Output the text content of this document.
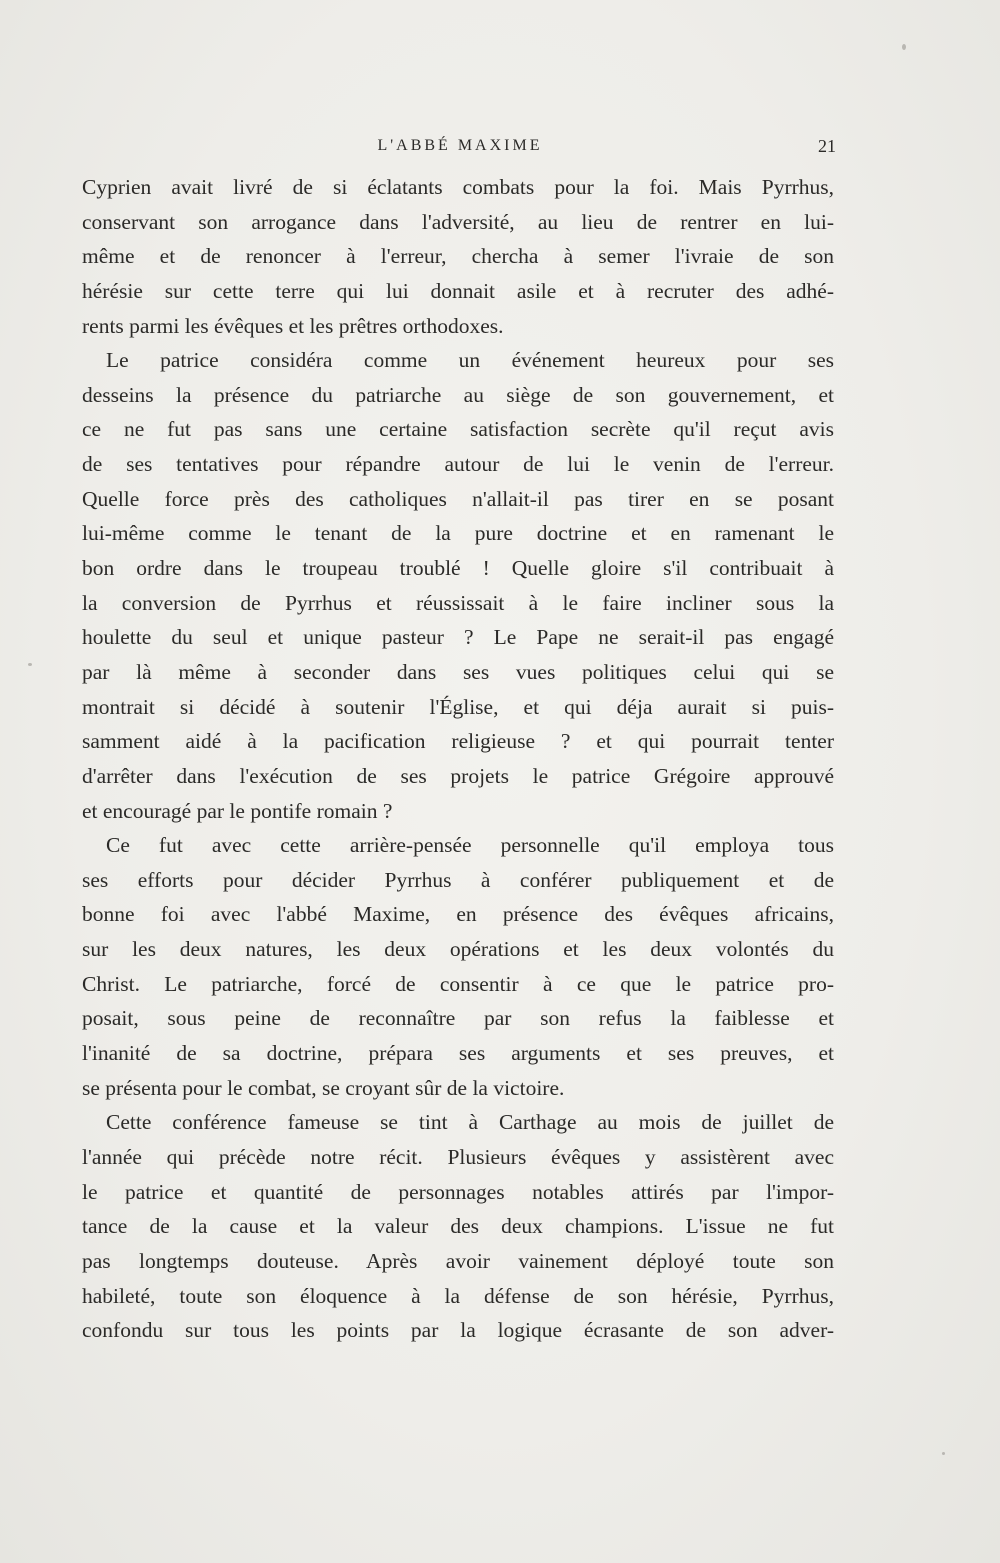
L'ABBÉ MAXIME	21
Cyprien avait livré de si éclatants combats pour la foi. Mais Pyrrhus,
conservant son arrogance dans l'adversité, au lieu de rentrer en lui-
même et de renoncer à l'erreur, chercha à semer l'ivraie de son
hérésie sur cette terre qui lui donnait asile et à recruter des adhé-
rents parmi les évêques et les prêtres orthodoxes.
Le patrice considéra comme un événement heureux pour ses
desseins la présence du patriarche au siège de son gouvernement, et
ce ne fut pas sans une certaine satisfaction secrète qu'il reçut avis
de ses tentatives pour répandre autour de lui le venin de l'erreur.
Quelle force près des catholiques n'allait-il pas tirer en se posant
lui-même comme le tenant de la pure doctrine et en ramenant le
bon ordre dans le troupeau troublé ! Quelle gloire s'il contribuait à
la conversion de Pyrrhus et réussissait à le faire incliner sous la
houlette du seul et unique pasteur ? Le Pape ne serait-il pas engagé
par là même à seconder dans ses vues politiques celui qui se
montrait si décidé à soutenir l'Église, et qui déja aurait si puis-
samment aidé à la pacification religieuse ? et qui pourrait tenter
d'arrêter dans l'exécution de ses projets le patrice Grégoire approuvé
et encouragé par le pontife romain ?
Ce fut avec cette arrière-pensée personnelle qu'il employa tous
ses efforts pour décider Pyrrhus à conférer publiquement et de
bonne foi avec l'abbé Maxime, en présence des évêques africains,
sur les deux natures, les deux opérations et les deux volontés du
Christ. Le patriarche, forcé de consentir à ce que le patrice pro-
posait, sous peine de reconnaître par son refus la faiblesse et
l'inanité de sa doctrine, prépara ses arguments et ses preuves, et
se présenta pour le combat, se croyant sûr de la victoire.
Cette conférence fameuse se tint à Carthage au mois de juillet de
l'année qui précède notre récit. Plusieurs évêques y assistèrent avec
le patrice et quantité de personnages notables attirés par l'impor-
tance de la cause et la valeur des deux champions. L'issue ne fut
pas longtemps douteuse. Après avoir vainement déployé toute son
habileté, toute son éloquence à la défense de son hérésie, Pyrrhus,
confondu sur tous les points par la logique écrasante de son adver-
